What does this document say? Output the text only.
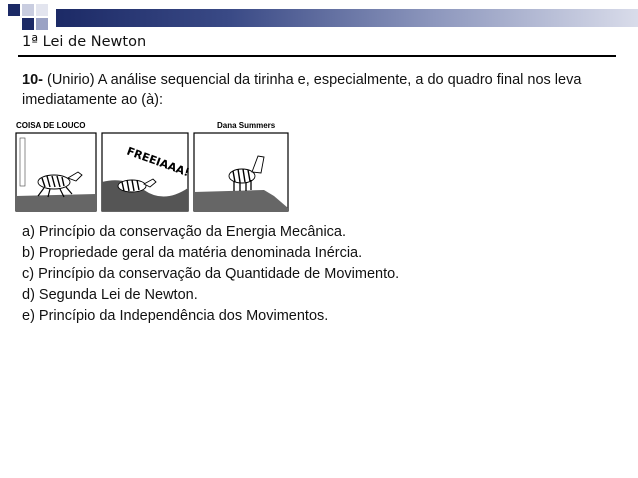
1ª Lei de Newton
10- (Unirio) A análise sequencial da tirinha e, especialmente, a do quadro final nos leva imediatamente ao (à):
COISA DE LOUCO	Dana Summers
FREEIAAA!
a) Princípio da conservação da Energia Mecânica.
b) Propriedade geral da matéria denominada Inércia.
c) Princípio da conservação da Quantidade de Movimento.
d) Segunda Lei de Newton.
e) Princípio da Independência dos Movimentos.
